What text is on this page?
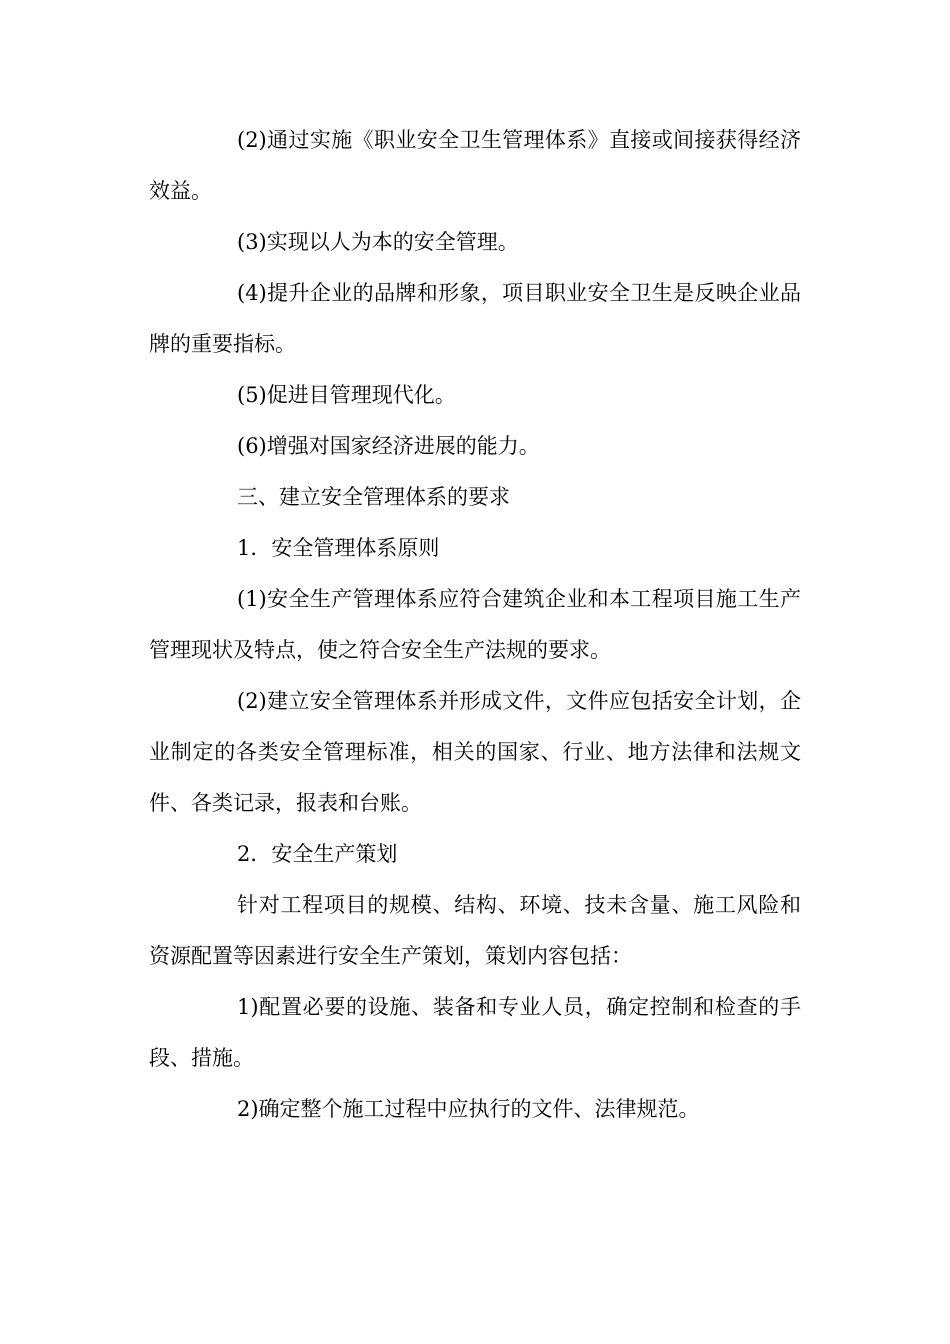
(2)通过实施《职业安全卫生管理体系》直接或间接获得经济效益。

(3)实现以人为本的安全管理。

(4)提升企业的品牌和形象，项目职业安全卫生是反映企业品牌的重要指标。

(5)促进目管理现代化。

(6)增强对国家经济进展的能力。

三、建立安全管理体系的要求

1．安全管理体系原则

(1)安全生产管理体系应符合建筑企业和本工程项目施工生产管理现状及特点，使之符合安全生产法规的要求。

(2)建立安全管理体系并形成文件，文件应包括安全计划，企业制定的各类安全管理标准，相关的国家、行业、地方法律和法规文件、各类记录，报表和台账。

2．安全生产策划

针对工程项目的规模、结构、环境、技未含量、施工风险和资源配置等因素进行安全生产策划，策划内容包括：

1)配置必要的设施、装备和专业人员，确定控制和检查的手段、措施。

2)确定整个施工过程中应执行的文件、法律规范。
